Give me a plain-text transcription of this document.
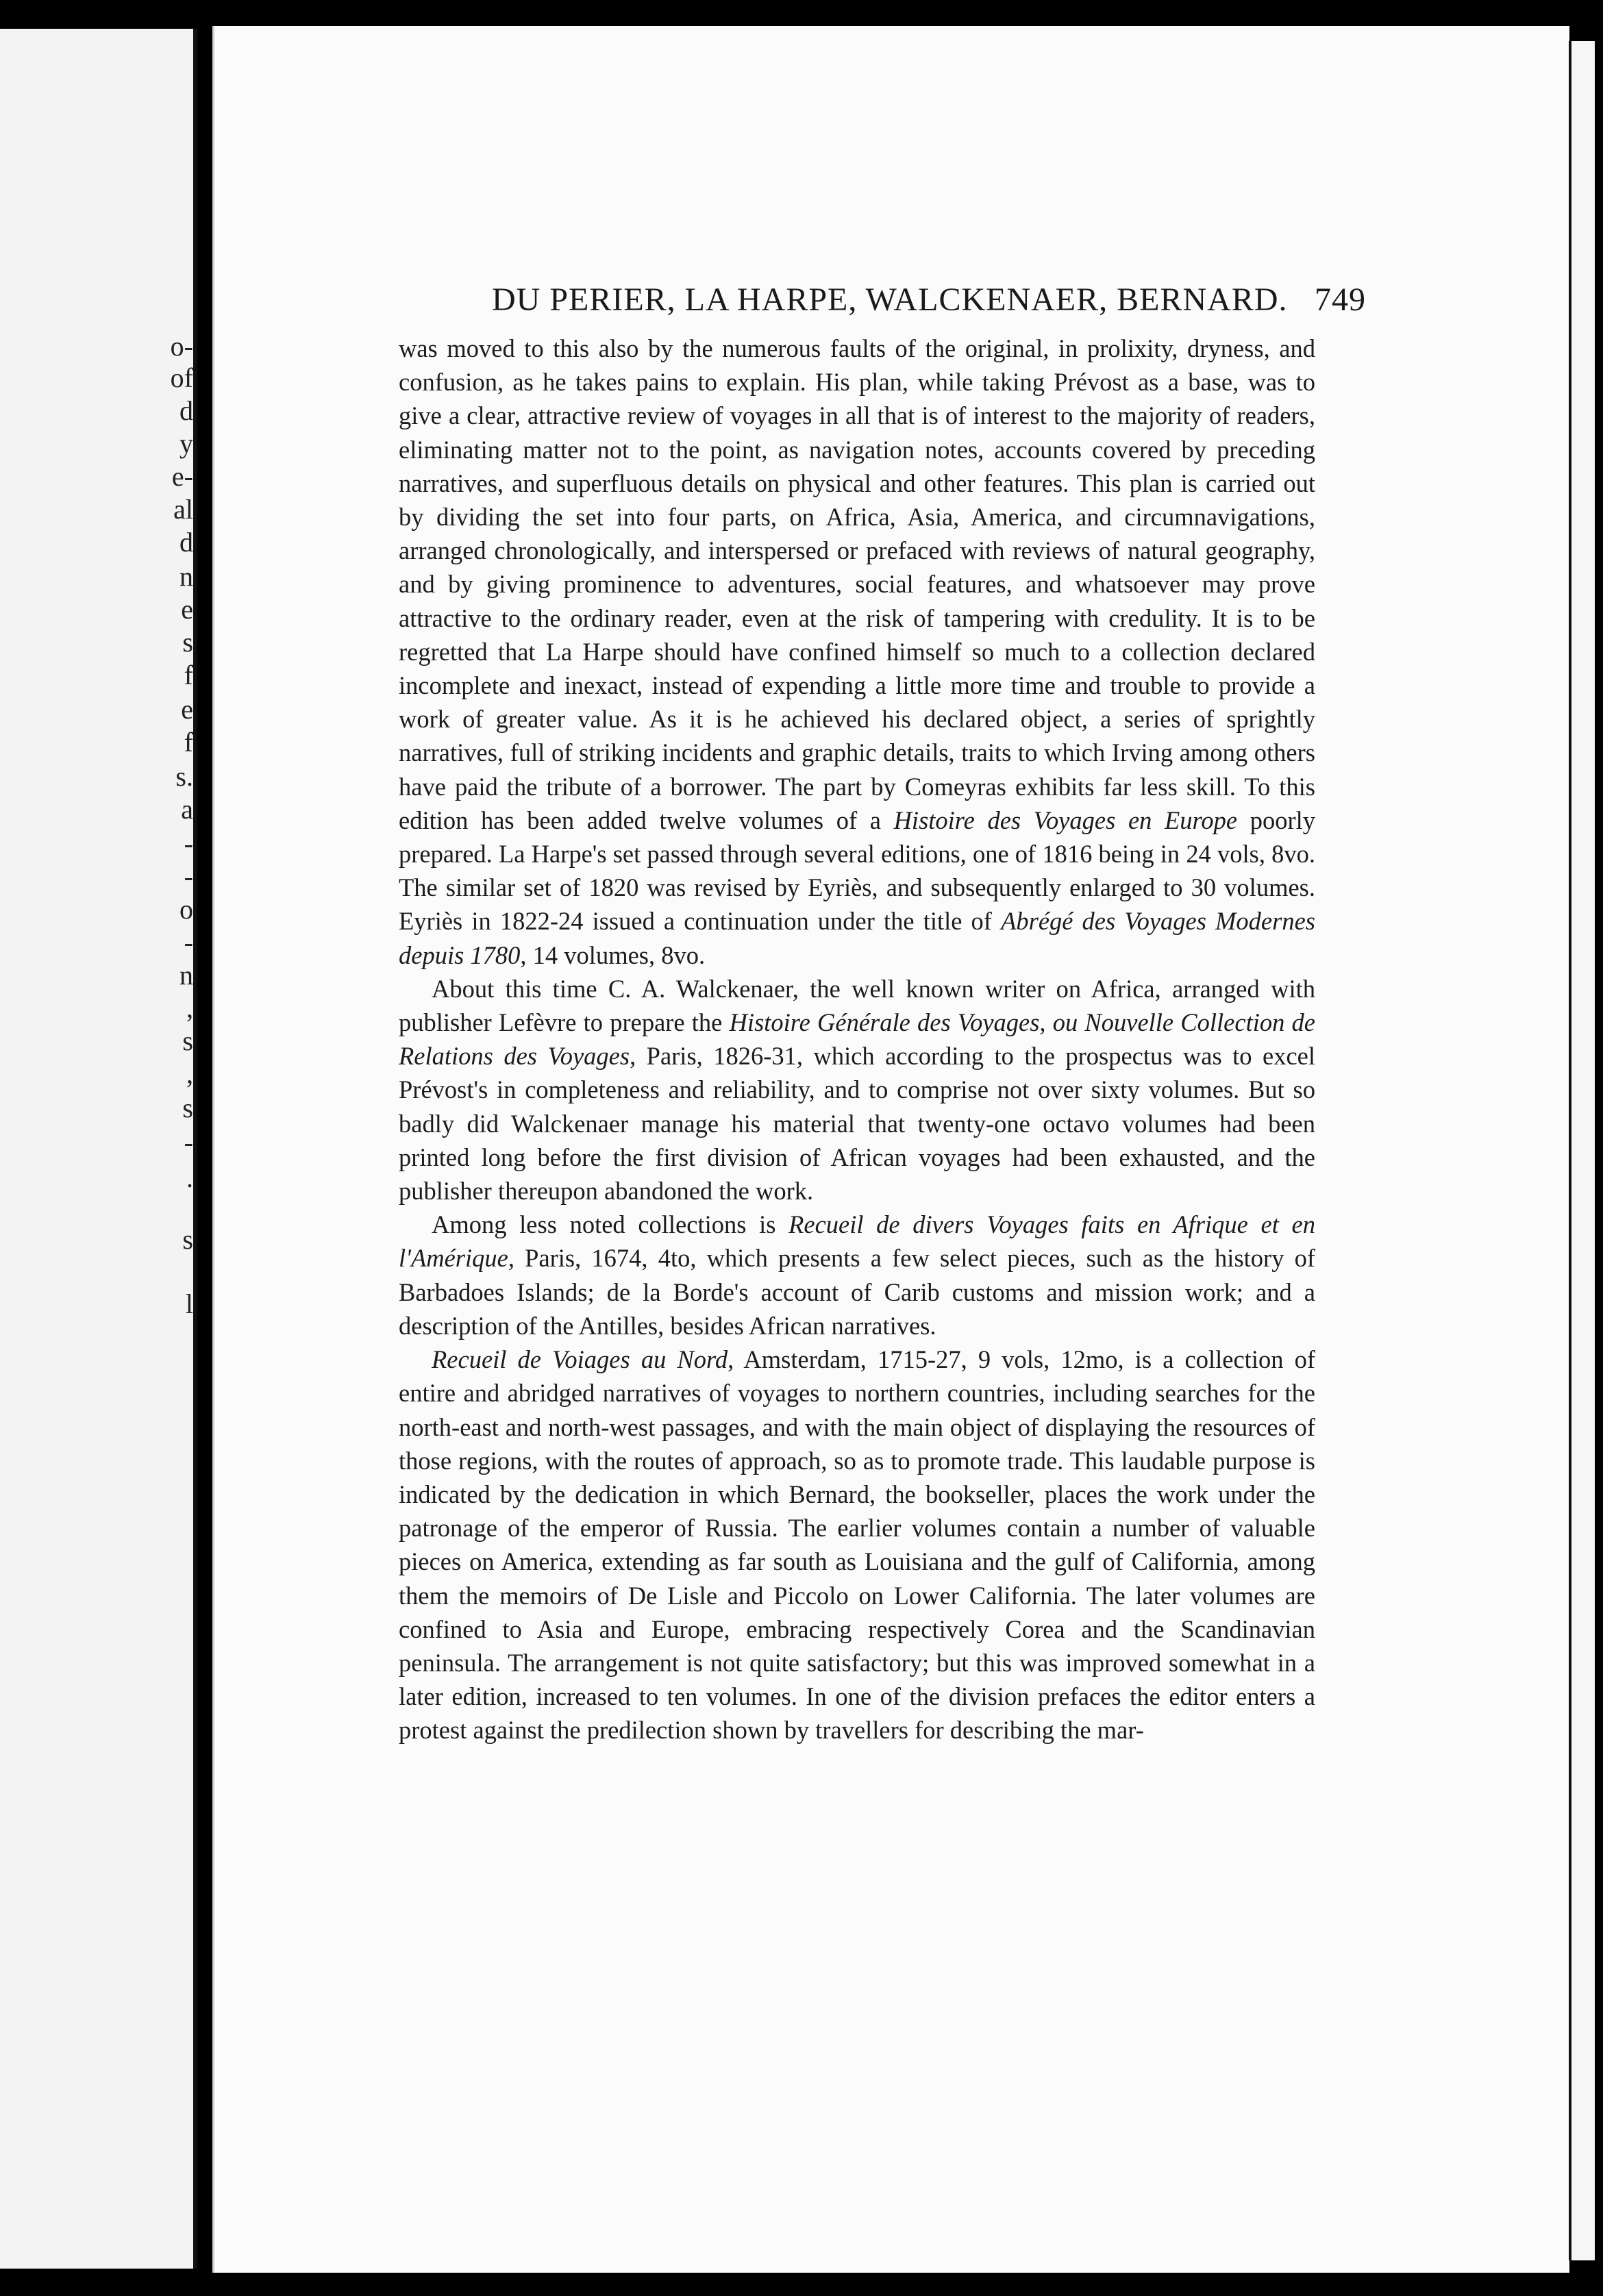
o-
of
d
y
e-
al
d
n
e
s
f
e
f
s.
a
-
-
o
-
n
,
s
,
s
-
.
s
l
DU PERIER, LA HARPE, WALCKENAER, BERNARD. 749

was moved to this also by the numerous faults of the original, in prolixity, dryness, and confusion, as he takes pains to explain. His plan, while taking Prévost as a base, was to give a clear, attractive review of voyages in all that is of interest to the majority of readers, eliminating matter not to the point, as navigation notes, accounts covered by preceding narratives, and superfluous details on physical and other features. This plan is carried out by dividing the set into four parts, on Africa, Asia, America, and circumnavigations, arranged chronologically, and interspersed or prefaced with reviews of natural geography, and by giving prominence to adventures, social features, and whatsoever may prove attractive to the ordinary reader, even at the risk of tampering with credulity. It is to be regretted that La Harpe should have confined himself so much to a collection declared incomplete and inexact, instead of expending a little more time and trouble to provide a work of greater value. As it is he achieved his declared object, a series of sprightly narratives, full of striking incidents and graphic details, traits to which Irving among others have paid the tribute of a borrower. The part by Comeyras exhibits far less skill. To this edition has been added twelve volumes of a Histoire des Voyages en Europe poorly prepared. La Harpe's set passed through several editions, one of 1816 being in 24 vols, 8vo. The similar set of 1820 was revised by Eyriès, and subsequently enlarged to 30 volumes. Eyriès in 1822-24 issued a continuation under the title of Abrégé des Voyages Modernes depuis 1780, 14 volumes, 8vo.

About this time C. A. Walckenaer, the well known writer on Africa, arranged with publisher Lefèvre to prepare the Histoire Générale des Voyages, ou Nouvelle Collection de Relations des Voyages, Paris, 1826-31, which according to the prospectus was to excel Prévost's in completeness and reliability, and to comprise not over sixty volumes. But so badly did Walckenaer manage his material that twenty-one octavo volumes had been printed long before the first division of African voyages had been exhausted, and the publisher thereupon abandoned the work.

Among less noted collections is Recueil de divers Voyages faits en Afrique et en l'Amérique, Paris, 1674, 4to, which presents a few select pieces, such as the history of Barbadoes Islands; de la Borde's account of Carib customs and mission work; and a description of the Antilles, besides African narratives.

Recueil de Voiages au Nord, Amsterdam, 1715-27, 9 vols, 12mo, is a collection of entire and abridged narratives of voyages to northern countries, including searches for the north-east and north-west passages, and with the main object of displaying the resources of those regions, with the routes of approach, so as to promote trade. This laudable purpose is indicated by the dedication in which Bernard, the bookseller, places the work under the patronage of the emperor of Russia. The earlier volumes contain a number of valuable pieces on America, extending as far south as Louisiana and the gulf of California, among them the memoirs of De Lisle and Piccolo on Lower California. The later volumes are confined to Asia and Europe, embracing respectively Corea and the Scandinavian peninsula. The arrangement is not quite satisfactory; but this was improved somewhat in a later edition, increased to ten volumes. In one of the division prefaces the editor enters a protest against the predilection shown by travellers for describing the mar-
